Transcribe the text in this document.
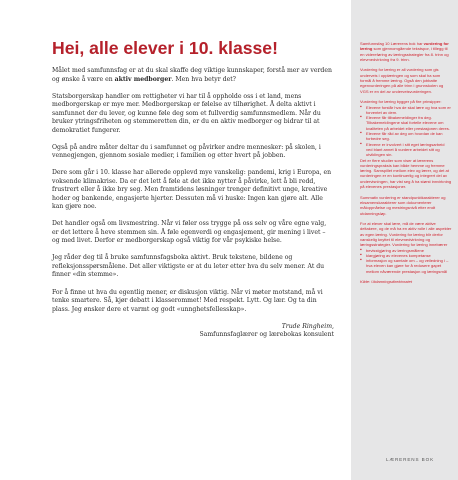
Hei, alle elever i 10. klasse!

Målet med samfunnsfag er at du skal skaffe deg viktige kunnskaper, forstå mer av verden og ønske å være en aktiv medborger. Men hva betyr det?

Statsborgerskap handler om rettigheter vi har til å oppholde oss i et land, mens medborgerskap er mye mer. Medborgerskap er følelse av tilhørighet. Å delta aktivt i samfunnet der du lever, og kunne føle deg som et fullverdig samfunnsmedlem. Når du bruker ytringsfriheten og stemmeretten din, er du en aktiv medborger og bidrar til at demokratiet fungerer.

Også på andre måter deltar du i samfunnet og påvirker andre mennesker: på skolen, i vennegjengen, gjennom sosiale medier, i familien og etter hvert på jobben.

Dere som går i 10. klasse har allerede opplevd mye vanskelig: pandemi, krig i Europa, en voksende klimakrise. Da er det lett å føle at det ikke nytter å påvirke, lett å bli redd, frustrert eller å ikke bry seg. Men framtidens løsninger trenger definitivt unge, kreative hoder og bankende, engasjerte hjerter. Dessuten må vi huske: Ingen kan gjøre alt. Alle kan gjøre noe.

Det handler også om livsmestring. Når vi føler oss trygge på oss selv og våre egne valg, er det lettere å heve stemmen sin. Å føle egenverdi og engasjement, gir mening i livet – og med livet. Derfor er medborgerskap også viktig for vår psykiske helse.

Jeg råder deg til å bruke samfunnsfagsboka aktivt. Bruk tekstene, bildene og refleksjonsspørsmålene. Det aller viktigste er at du leter etter hva du selv mener. At du finner «din stemme».

For å finne ut hva du egentlig mener, er diskusjon viktig. Når vi møter motstand, må vi tenke smartere. Så, kjør debatt i klasserommet! Med respekt. Lytt. Og lær. Og ta din plass. Jeg ønsker dere et varmt og godt «unnghetsfellesskap».

Trude Ringheim,
Samfunnsfaglærer og lærebokas konsulent

Samfunnsfag 10 Lærerens bok har vurdering for læring som gjennomgående tekstspor, i tillegg til en videreføring av læringsstrategier fra 8. trinn og elevmedvirkning fra 9. trinn.

Vurdering for læring er all vurdering som gis underveis i opplæringen og som skal ha som formål å fremme læring. Også den jobbatte egenvurderingen på alle trinn i grunnskolen og VGS er en del av underveisvurderingen.

Vurdering for læring bygger på fire prinsipper:
▪ Elevene forstår hva de skal lære og hva som er forventet av dem.
▪ Elevene får tilbakemeldinger fra deg. Tilbakemeldingene skal fortelle elevene om kvaliteten på arbeidet eller prestasjonen deres.
▪ Elevene får råd av deg om hvordan de kan forbedre seg.
▪ Elevene er involvert i sitt eget læringsarbeid ved blant annet å vurdere arbeidet sitt og utviklingen sin.

Det er flere studier som viser at lærerens vurderingspraksis kan både hemme og fremme læring. Samspillet mellom elev og lærer, og det at vurderingen er en kontinuerlig og integrert del av undervisningen, har vist seg å ha størst innvirkning på elevenes prestasjoner.

Summativ vurdering er standpunktkarakterer og eksamenskarakterer som dokumenterer måloppnåelse og mestringsnivå etter endt utdanningsløp.

For at elever skal lære, må de være aktive deltakere, og de må ha en aktiv rolle i alle aspekter av egen læring. Vurdering for læring blir derfor vanskelig knyttet til elevmedvirkning og læringsstrategier. Vurdering for læring innebærer
▪ bevisstgjøring av læringsmålene
▪ klargjøring av elevenes kompetanse
▪ informasjon og samtale om – og veiledning i – hva eleven kan gjøre for å redusere gapet mellom nåværende prestasjon og læringsmål
Kilde: Utdanningsdirektoratet
LÆRERENS BOK
